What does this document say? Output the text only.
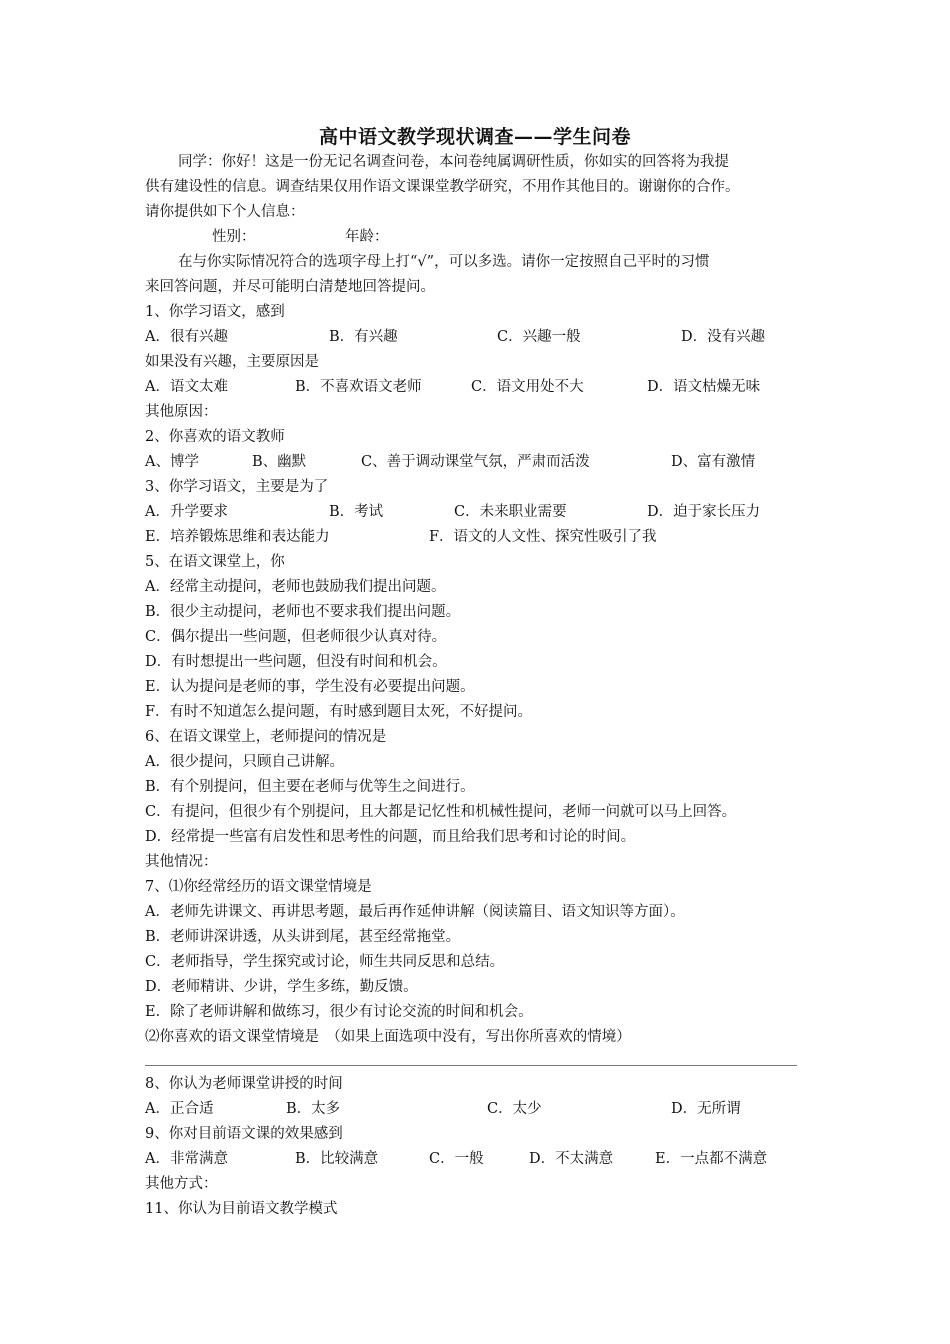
高中语文教学现状调查——学生问卷
同学：你好！这是一份无记名调查问卷，本问卷纯属调研性质，你如实的回答将为我提
供有建设性的信息。调查结果仅用作语文课课堂教学研究，不用作其他目的。谢谢你的合作。
请你提供如下个人信息：
性别：	年龄：
在与你实际情况符合的选项字母上打“√”，可以多选。请你一定按照自己平时的习惯
来回答问题，并尽可能明白清楚地回答提问。
1、你学习语文，感到
A．很有兴趣	B．有兴趣	C．兴趣一般	D．没有兴趣
如果没有兴趣，主要原因是
A．语文太难	B．不喜欢语文老师	C．语文用处不大	D．语文枯燥无味
其他原因：
2、你喜欢的语文教师
A、博学	B、幽默	C、善于调动课堂气氛，严肃而活泼	D、富有激情
3、你学习语文，主要是为了
A．升学要求	B．考试	C．未来职业需要	D．迫于家长压力
E．培养锻炼思维和表达能力	F．语文的人文性、探究性吸引了我
5、在语文课堂上，你
A．经常主动提问，老师也鼓励我们提出问题。
B．很少主动提问，老师也不要求我们提出问题。
C．偶尔提出一些问题，但老师很少认真对待。
D．有时想提出一些问题，但没有时间和机会。
E．认为提问是老师的事，学生没有必要提出问题。
F．有时不知道怎么提问题，有时感到题目太死，不好提问。
6、在语文课堂上，老师提问的情况是
A．很少提问，只顾自己讲解。
B．有个别提问，但主要在老师与优等生之间进行。
C．有提问，但很少有个别提问，且大都是记忆性和机械性提问，老师一问就可以马上回答。
D．经常提一些富有启发性和思考性的问题，而且给我们思考和讨论的时间。
其他情况：
7、⑴你经常经历的语文课堂情境是
A．老师先讲课文、再讲思考题，最后再作延伸讲解（阅读篇目、语文知识等方面）。
B．老师讲深讲透，从头讲到尾，甚至经常拖堂。
C．老师指导，学生探究或讨论，师生共同反思和总结。
D．老师精讲、少讲，学生多练，勤反馈。
E．除了老师讲解和做练习，很少有讨论交流的时间和机会。
⑵你喜欢的语文课堂情境是　（如果上面选项中没有，写出你所喜欢的情境）
8、你认为老师课堂讲授的时间
A．正合适	B．太多	C．太少	D．无所谓
9、你对目前语文课的效果感到
A．非常满意	B．比较满意	C．一般	D．不太满意	E．一点都不满意
其他方式：
11、你认为目前语文教学模式
